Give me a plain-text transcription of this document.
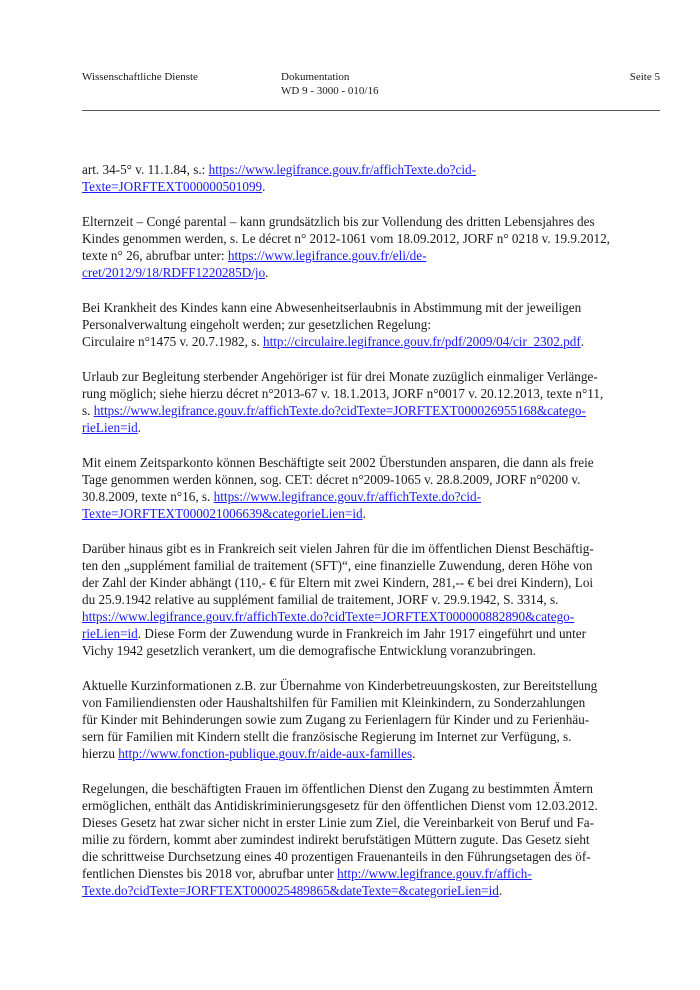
Wissenschaftliche Dienste	Dokumentation
WD 9 - 3000 - 010/16
Seite 5

art. 34-5° v. 11.1.84, s.: https://www.legifrance.gouv.fr/affichTexte.do?cid-
Texte=JORFTEXT000000501099.

Elternzeit – Congé parental – kann grundsätzlich bis zur Vollendung des dritten Lebensjahres des
Kindes genommen werden, s. Le décret n° 2012-1061 vom 18.09.2012, JORF n° 0218 v. 19.9.2012,
texte n° 26, abrufbar unter: https://www.legifrance.gouv.fr/eli/de-
cret/2012/9/18/RDFF1220285D/jo.

Bei Krankheit des Kindes kann eine Abwesenheitserlaubnis in Abstimmung mit der jeweiligen
Personalverwaltung eingeholt werden; zur gesetzlichen Regelung:
Circulaire n°1475 v. 20.7.1982, s. http://circulaire.legifrance.gouv.fr/pdf/2009/04/cir_2302.pdf.

Urlaub zur Begleitung sterbender Angehöriger ist für drei Monate zuzüglich einmaliger Verlänge-
rung möglich; siehe hierzu décret n°2013-67 v. 18.1.2013, JORF n°0017 v. 20.12.2013, texte n°11,
s. https://www.legifrance.gouv.fr/affichTexte.do?cidTexte=JORFTEXT000026955168&catego-
rieLien=id.

Mit einem Zeitsparkonto können Beschäftigte seit 2002 Überstunden ansparen, die dann als freie
Tage genommen werden können, sog. CET: décret n°2009-1065 v. 28.8.2009, JORF n°0200 v.
30.8.2009, texte n°16, s. https://www.legifrance.gouv.fr/affichTexte.do?cid-
Texte=JORFTEXT000021006639&categorieLien=id.

Darüber hinaus gibt es in Frankreich seit vielen Jahren für die im öffentlichen Dienst Beschäftig-
ten den „supplément familial de traitement (SFT)“, eine finanzielle Zuwendung, deren Höhe von
der Zahl der Kinder abhängt (110,- € für Eltern mit zwei Kindern, 281,-- € bei drei Kindern), Loi
du 25.9.1942 relative au supplément familial de traitement, JORF v. 29.9.1942, S. 3314, s.
https://www.legifrance.gouv.fr/affichTexte.do?cidTexte=JORFTEXT000000882890&catego-
rieLien=id. Diese Form der Zuwendung wurde in Frankreich im Jahr 1917 eingeführt und unter
Vichy 1942 gesetzlich verankert, um die demografische Entwicklung voranzubringen.

Aktuelle Kurzinformationen z.B. zur Übernahme von Kinderbetreuungskosten, zur Bereitstellung
von Familiendiensten oder Haushaltshilfen für Familien mit Kleinkindern, zu Sonderzahlungen
für Kinder mit Behinderungen sowie zum Zugang zu Ferienlagern für Kinder und zu Ferienhäu-
sern für Familien mit Kindern stellt die französische Regierung im Internet zur Verfügung, s.
hierzu http://www.fonction-publique.gouv.fr/aide-aux-familles.

Regelungen, die beschäftigten Frauen im öffentlichen Dienst den Zugang zu bestimmten Ämtern
ermöglichen, enthält das Antidiskriminierungsgesetz für den öffentlichen Dienst vom 12.03.2012.
Dieses Gesetz hat zwar sicher nicht in erster Linie zum Ziel, die Vereinbarkeit von Beruf und Fa-
milie zu fördern, kommt aber zumindest indirekt berufstätigen Müttern zugute. Das Gesetz sieht
die schrittweise Durchsetzung eines 40 prozentigen Frauenanteils in den Führungsetagen des öf-
fentlichen Dienstes bis 2018 vor, abrufbar unter http://www.legifrance.gouv.fr/affich-
Texte.do?cidTexte=JORFTEXT000025489865&dateTexte=&categorieLien=id.
